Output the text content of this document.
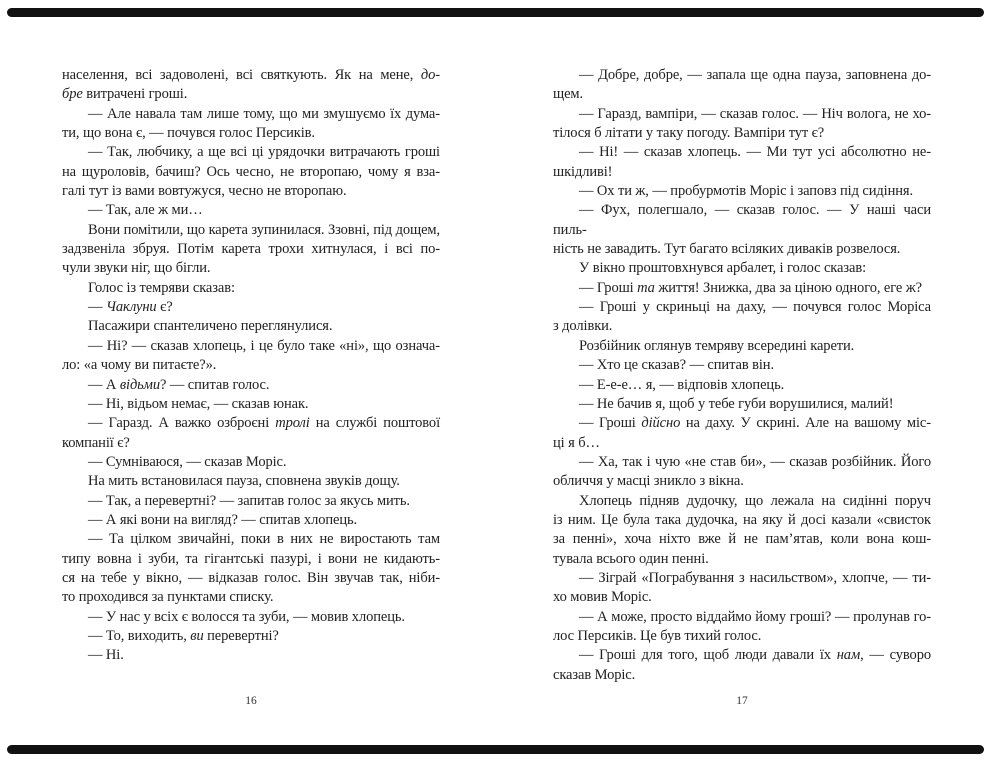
населення, всі задоволені, всі святкують. Як на мене, до-
бре витрачені гроші.
— Але навала там лише тому, що ми змушуємо їх дума-
ти, що вона є, — почувся голос Персиків.
— Так, любчику, а ще всі ці урядочки витрачають гроші
на щуроловів, бачиш? Ось чесно, не второпаю, чому я вза-
галі тут із вами вовтужуся, чесно не второпаю.
— Так, але ж ми…
Вони помітили, що карета зупинилася. Ззовні, під дощем,
задзвеніла збруя. Потім карета трохи хитнулася, і всі по-
чули звуки ніг, що бігли.
Голос із темряви сказав:
— Чаклуни є?
Пасажири спантеличено переглянулися.
— Ні? — сказав хлопець, і це було таке «ні», що означа-
ло: «а чому ви питаєте?».
— А відьми? — спитав голос.
— Ні, відьом немає, — сказав юнак.
— Гаразд. А важко озброєні тролі на службі поштової
компанії є?
— Сумніваюся, — сказав Моріс.
На мить встановилася пауза, сповнена звуків дощу.
— Так, а перевертні? — запитав голос за якусь мить.
— А які вони на вигляд? — спитав хлопець.
— Та цілком звичайні, поки в них не виростають там
типу вовна і зуби, та гігантські пазурі, і вони не кидають-
ся на тебе у вікно, — відказав голос. Він звучав так, ніби-
то проходився за пунктами списку.
— У нас у всіх є волосся та зуби, — мовив хлопець.
— То, виходить, ви перевертні?
— Ні.
— Добре, добре, — запала ще одна пауза, заповнена до-
щем.
— Гаразд, вампіри, — сказав голос. — Ніч волога, не хо-
тілося б літати у таку погоду. Вампіри тут є?
— Ні! — сказав хлопець. — Ми тут усі абсолютно не-
шкідливі!
— Ох ти ж, — пробурмотів Моріс і заповз під сидіння.
— Фух, полегшало, — сказав голос. — У наші часи пиль-
ність не завадить. Тут багато всіляких диваків розвелося.
У вікно проштовхнувся арбалет, і голос сказав:
— Гроші та життя! Знижка, два за ціною одного, еге ж?
— Гроші у скриньці на даху, — почувся голос Моріса
з долівки.
Розбійник оглянув темряву всередині карети.
— Хто це сказав? — спитав він.
— Е-е-е… я, — відповів хлопець.
— Не бачив я, щоб у тебе губи ворушилися, малий!
— Гроші дійсно на даху. У скрині. Але на вашому міс-
ці я б…
— Ха, так і чую «не став би», — сказав розбійник. Його
обличчя у масці зникло з вікна.
Хлопець підняв дудочку, що лежала на сидінні поруч
із ним. Це була така дудочка, на яку й досі казали «свисток
за пенні», хоча ніхто вже й не пам’ятав, коли вона кош-
тувала всього один пенні.
— Зіграй «Пограбування з насильством», хлопче, — ти-
хо мовив Моріс.
— А може, просто віддаймо йому гроші? — пролунав го-
лос Персиків. Це був тихий голос.
— Гроші для того, щоб люди давали їх нам, — суворо
сказав Моріс.
16	17
